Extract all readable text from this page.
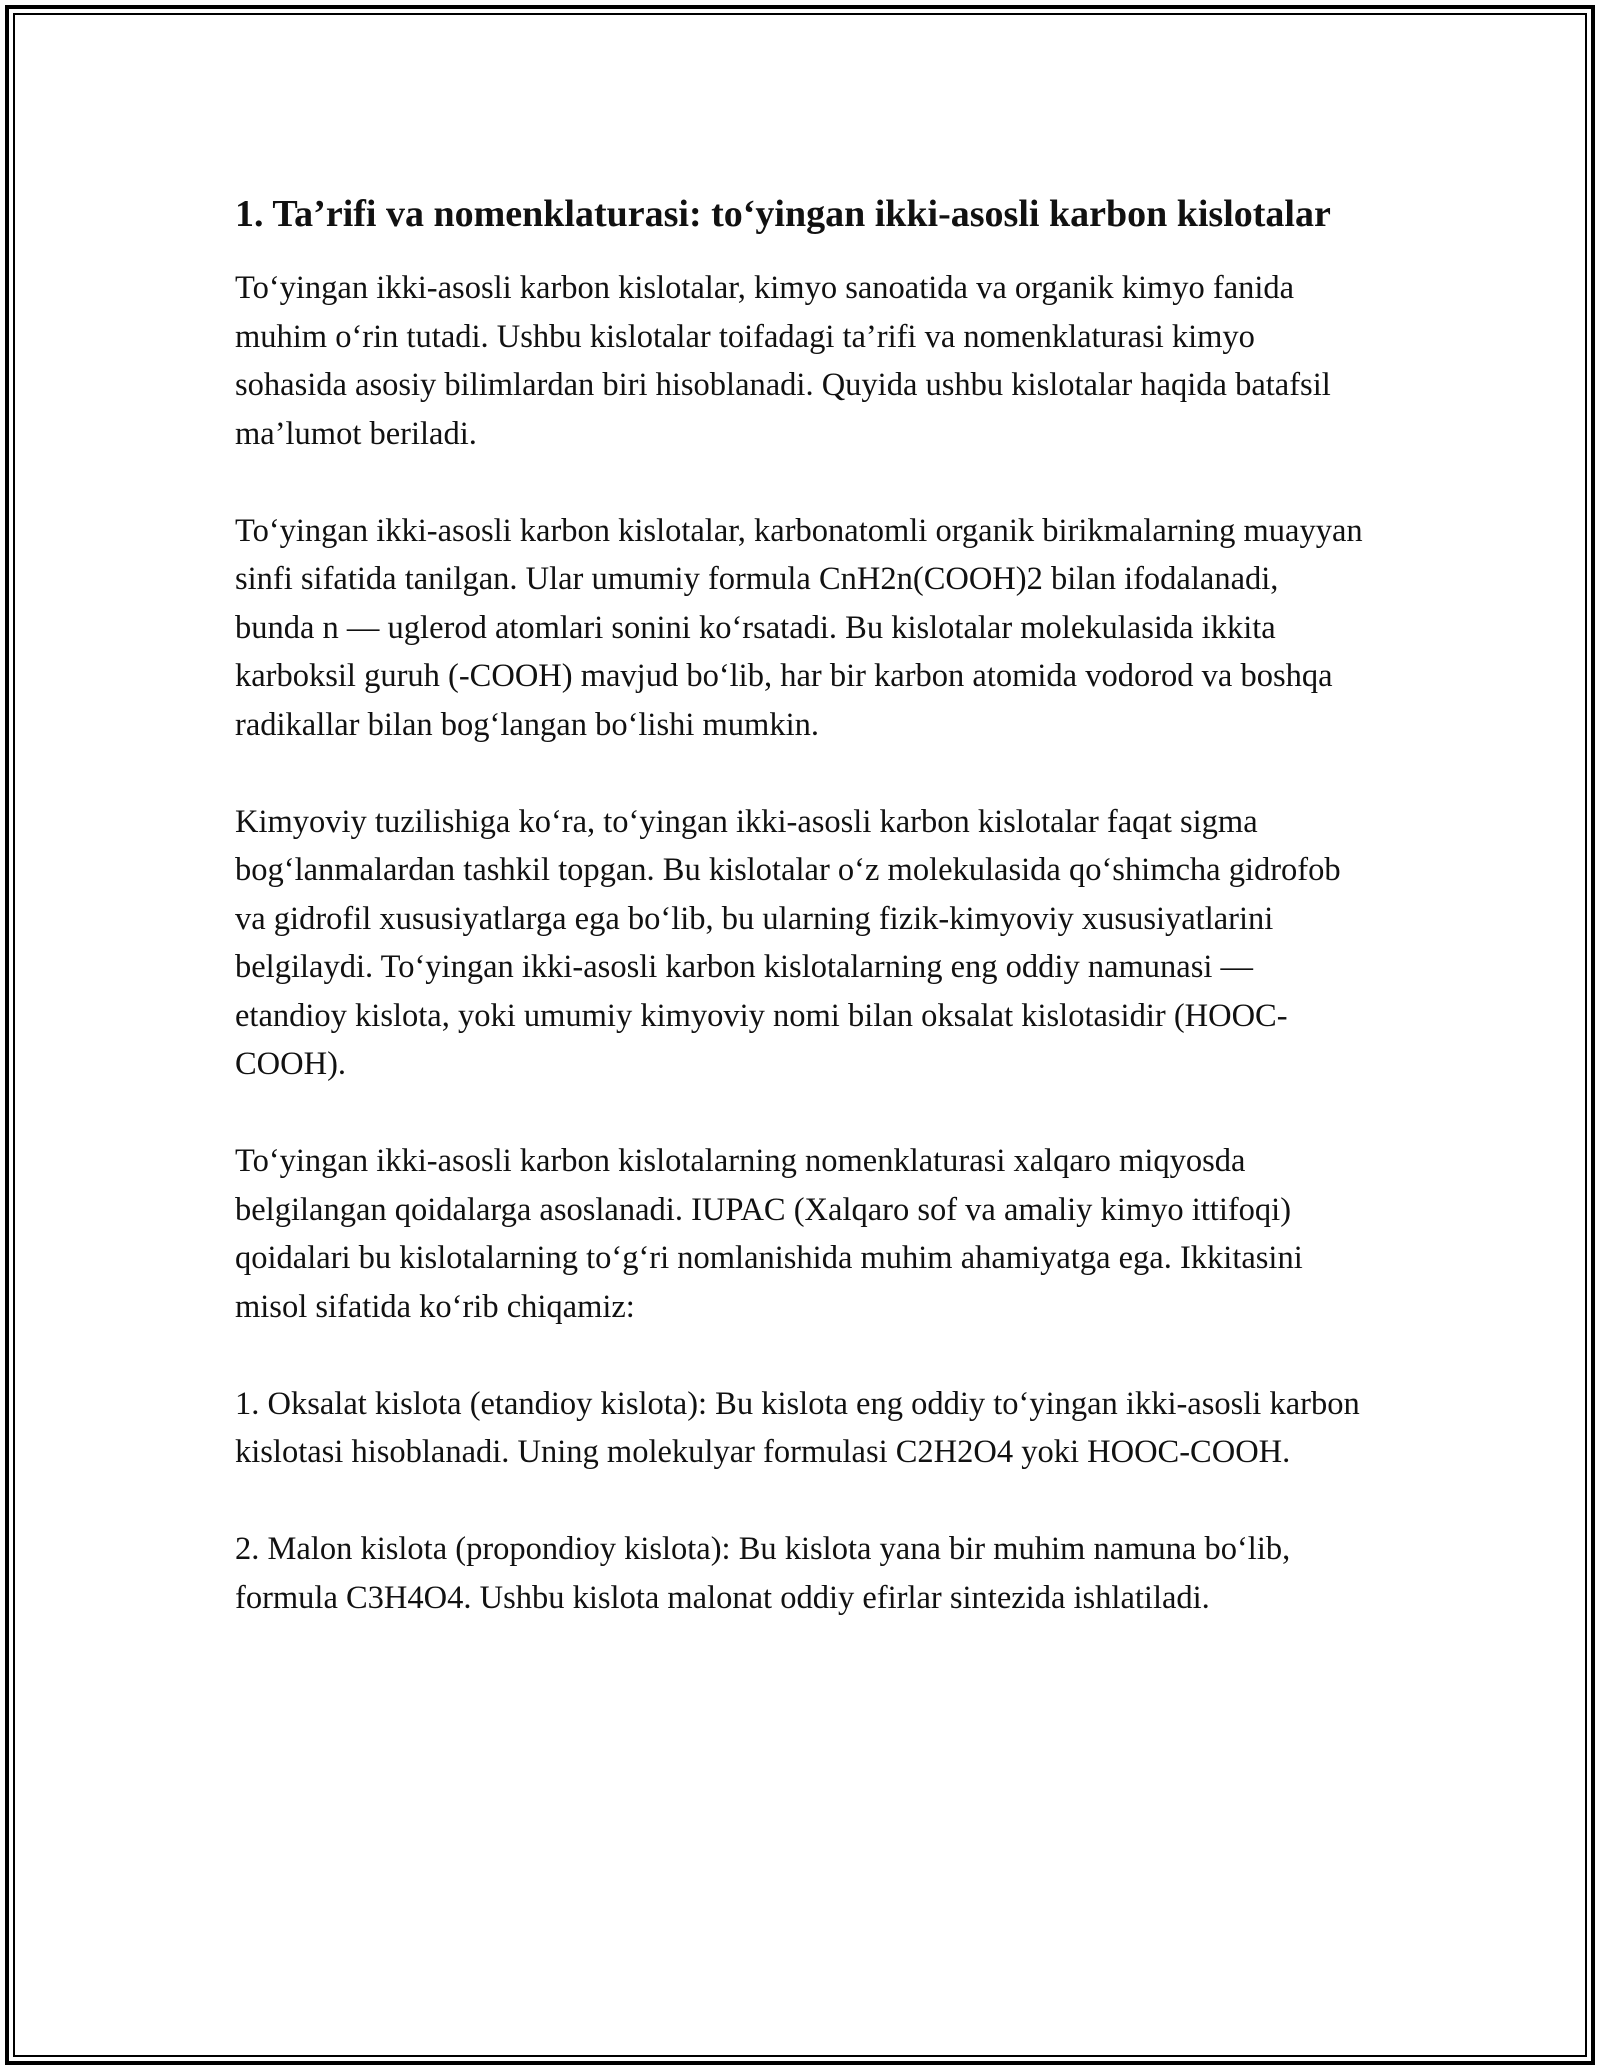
1. Ta’rifi va nomenklaturasi: to‘yingan ikki-asosli karbon kislotalar

To‘yingan ikki-asosli karbon kislotalar, kimyo sanoatida va organik kimyo fanida muhim o‘rin tutadi. Ushbu kislotalar toifadagi ta’rifi va nomenklaturasi kimyo sohasida asosiy bilimlardan biri hisoblanadi. Quyida ushbu kislotalar haqida batafsil ma’lumot beriladi.

To‘yingan ikki-asosli karbon kislotalar, karbonatomli organik birikmalarning muayyan sinfi sifatida tanilgan. Ular umumiy formula CnH2n(COOH)2 bilan ifodalanadi, bunda n — uglerod atomlari sonini ko‘rsatadi. Bu kislotalar molekulasida ikkita karboksil guruh (-COOH) mavjud bo‘lib, har bir karbon atomida vodorod va boshqa radikallar bilan bog‘langan bo‘lishi mumkin.

Kimyoviy tuzilishiga ko‘ra, to‘yingan ikki-asosli karbon kislotalar faqat sigma bog‘lanmalardan tashkil topgan. Bu kislotalar o‘z molekulasida qo‘shimcha gidrofob va gidrofil xususiyatlarga ega bo‘lib, bu ularning fizik-kimyoviy xususiyatlarini belgilaydi. To‘yingan ikki-asosli karbon kislotalarning eng oddiy namunasi — etandioy kislota, yoki umumiy kimyoviy nomi bilan oksalat kislotasidir (HOOC-COOH).

To‘yingan ikki-asosli karbon kislotalarning nomenklaturasi xalqaro miqyosda belgilangan qoidalarga asoslanadi. IUPAC (Xalqaro sof va amaliy kimyo ittifoqi) qoidalari bu kislotalarning to‘g‘ri nomlanishida muhim ahamiyatga ega. Ikkitasini misol sifatida ko‘rib chiqamiz:

1. Oksalat kislota (etandioy kislota): Bu kislota eng oddiy to‘yingan ikki-asosli karbon kislotasi hisoblanadi. Uning molekulyar formulasi C2H2O4 yoki HOOC-COOH.

2. Malon kislota (propondioy kislota): Bu kislota yana bir muhim namuna bo‘lib, formula C3H4O4. Ushbu kislota malonat oddiy efirlar sintezida ishlatiladi.
